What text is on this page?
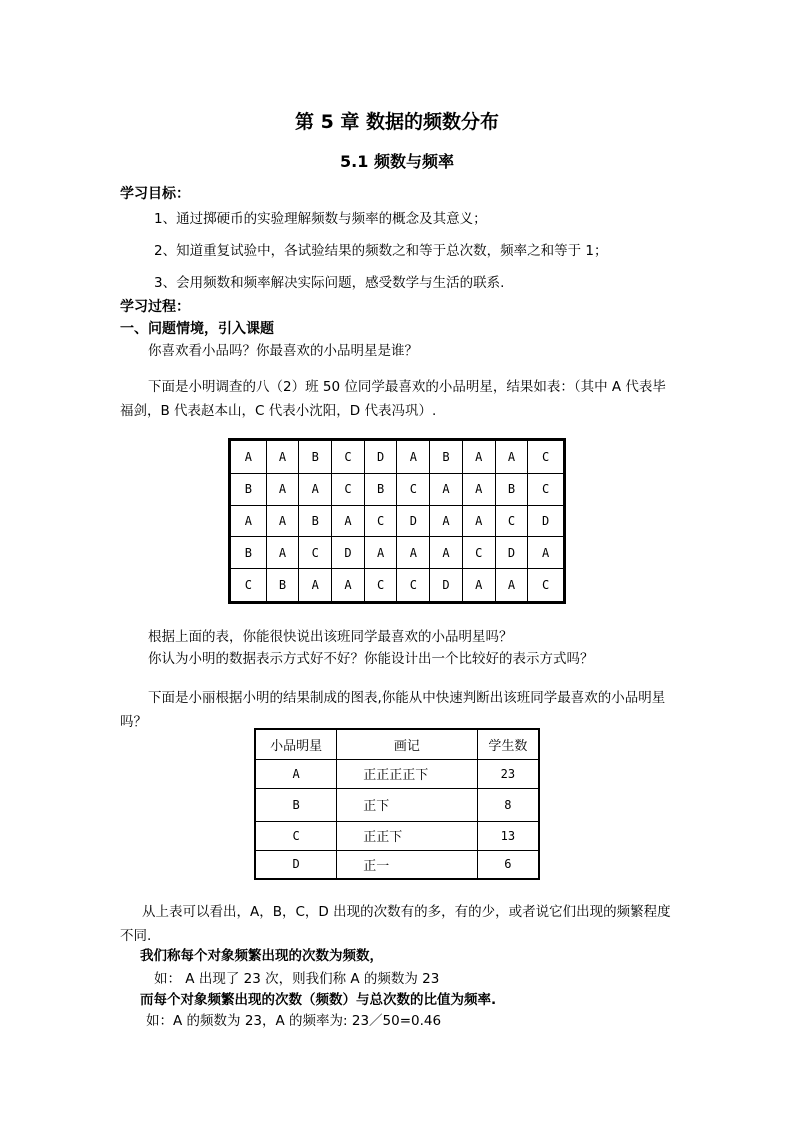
第 5 章 数据的频数分布
5.1 频数与频率
学习目标：
1、通过掷硬币的实验理解频数与频率的概念及其意义；
2、知道重复试验中，各试验结果的频数之和等于总次数，频率之和等于 1；
3、会用频数和频率解决实际问题，感受数学与生活的联系.
学习过程：
一、问题情境，引入课题
你喜欢看小品吗？你最喜欢的小品明星是谁？
下面是小明调查的八（2）班 50 位同学最喜欢的小品明星，结果如表：（其中 A 代表毕福剑，B 代表赵本山，C 代表小沈阳，D 代表冯巩）.
A	A	B	C	D	A	B	A	A	C
B	A	A	C	B	C	A	A	B	C
A	A	B	A	C	D	A	A	C	D
B	A	C	D	A	A	A	C	D	A
C	B	A	A	C	C	D	A	A	C
根据上面的表，你能很快说出该班同学最喜欢的小品明星吗？
你认为小明的数据表示方式好不好？你能设计出一个比较好的表示方式吗？
下面是小丽根据小明的结果制成的图表,你能从中快速判断出该班同学最喜欢的小品明星吗？
小品明星	画记	学生数
A	正正正正下	23
B	正下	8
C	正正下	13
D	正一	6
从上表可以看出，A，B，C，D 出现的次数有的多，有的少，或者说它们出现的频繁程度不同.
我们称每个对象频繁出现的次数为频数，
如： A 出现了 23 次，则我们称 A 的频数为 23
而每个对象频繁出现的次数（频数）与总次数的比值为频率.
如：A 的频数为 23，A 的频率为: 23／50=0.46
